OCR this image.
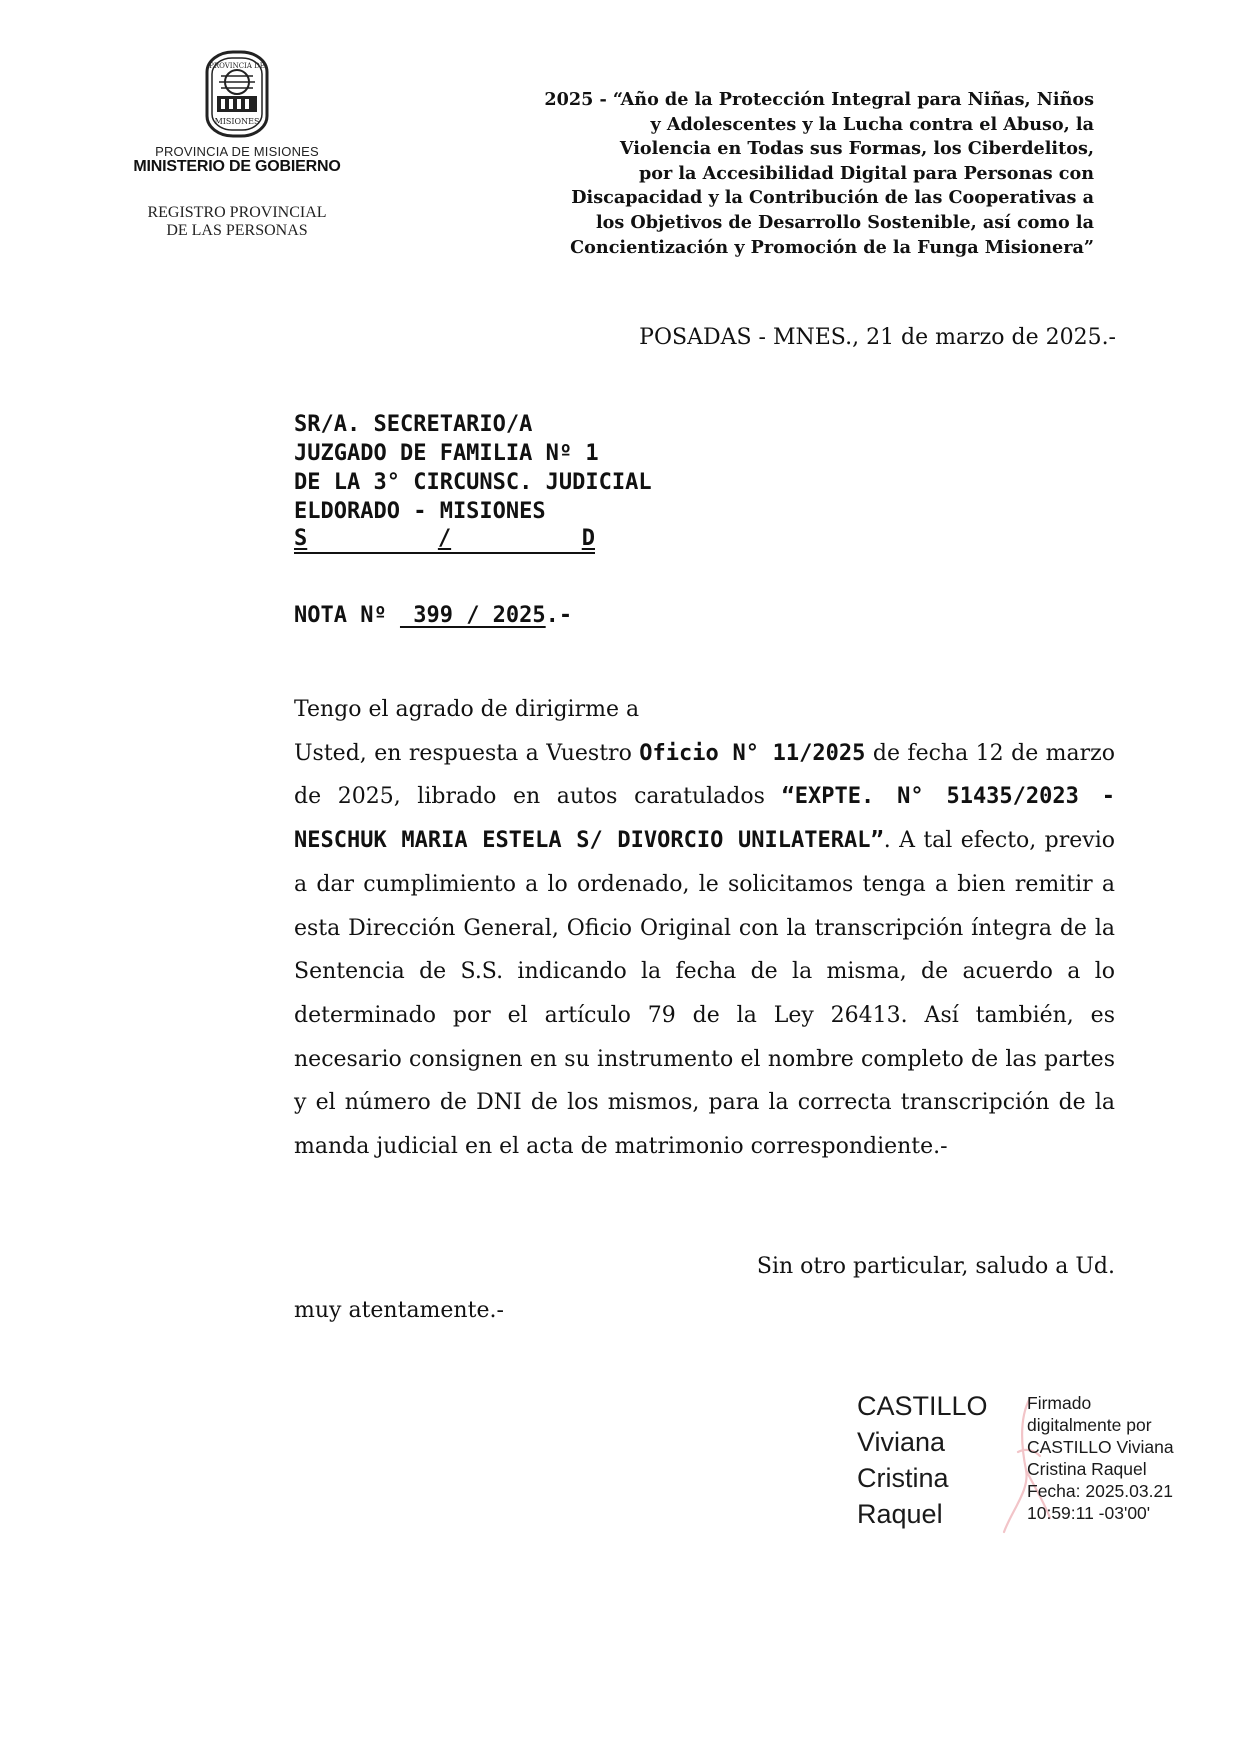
PROVINCIA DE
MISIONES
PROVINCIA DE MISIONES
MINISTERIO DE GOBIERNO
REGISTRO PROVINCIAL
DE LAS PERSONAS
2025 - “Año de la Protección Integral para Niñas, Niños
y Adolescentes y la Lucha contra el Abuso, la
Violencia en Todas sus Formas, los Ciberdelitos,
por la Accesibilidad Digital para Personas con
Discapacidad y la Contribución de las Cooperativas a
los Objetivos de Desarrollo Sostenible, así como la
Concientización y Promoción de la Funga Misionera”
POSADAS - MNES., 21 de marzo de 2025.-
SR/A. SECRETARIO/A
JUZGADO DE FAMILIA Nº 1
DE LA 3° CIRCUNSC. JUDICIAL
ELDORADO - MISIONES
S	/	D
NOTA Nº  399 / 2025.-
Tengo el agrado de dirigirme a
Usted, en respuesta a Vuestro Oficio N° 11/2025 de fecha 12 de marzo de 2025, librado en autos caratulados “EXPTE. N° 51435/2023 - NESCHUK MARIA ESTELA S/ DIVORCIO UNILATERAL”. A tal efecto, previo a dar cumplimiento a lo ordenado, le solicitamos tenga a bien remitir a esta Dirección General, Oficio Original con la transcripción íntegra de la Sentencia de S.S. indicando la fecha de la misma, de acuerdo a lo determinado por el artículo 79 de la Ley 26413. Así también, es necesario consignen en su instrumento el nombre completo de las partes y el número de DNI de los mismos, para la correcta transcripción de la manda judicial en el acta de matrimonio correspondiente.-
Sin otro particular, saludo a Ud.
muy atentamente.-
CASTILLO
Viviana
Cristina
Raquel
Firmado
digitalmente por
CASTILLO Viviana
Cristina Raquel
Fecha: 2025.03.21
10:59:11 -03'00'
